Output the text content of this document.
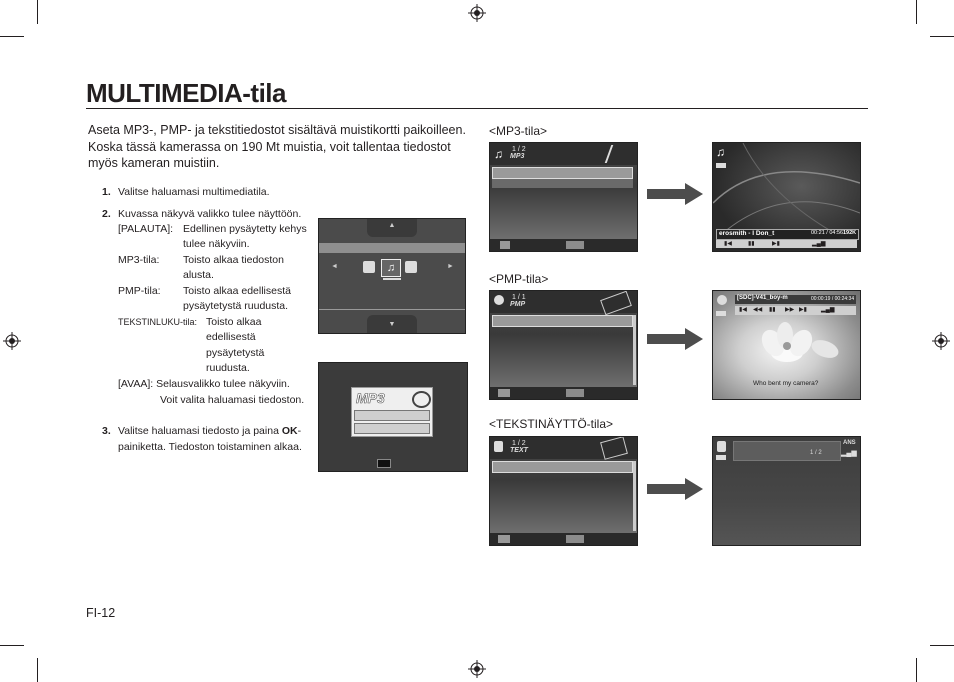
MULTIMEDIA-tila
Aseta MP3-, PMP- ja tekstitiedostot sisältävä muistikortti paikoilleen.
Koska tässä kamerassa on 190 Mt muistia, voit tallentaa tiedostot
myös kameran muistiin.
1. Valitse haluamasi multimediatila.
2. Kuvassa näkyvä valikko tulee näyttöön.
[PALAUTA]: Edellinen pysäytetty kehys
tulee näkyviin.
MP3-tila: Toisto alkaa tiedoston
alusta.
PMP-tila: Toisto alkaa edellisestä
pysäytetystä ruudusta.
TEKSTINLUKU-tila: Toisto alkaa
edellisestä
pysäytetystä
ruudusta.
[AVAA]: Selausvalikko tulee näkyviin.
Voit valita haluamasi tiedoston.
3. Valitse haluamasi tiedosto ja paina OK-
painiketta. Tiedoston toistaminen alkaa.
▲
◄	►
♫
▼
MP3
<MP3-tila>
<PMP-tila>
<TEKSTINÄYTTÖ-tila>
♫ 1 / 2
MP3	♫
erosmith - I Don_t	00:21 / 04:56 192K
▮◀	▮▮	▶▮	▂▄▆
1 / 1
PMP
[SDC]-V41_boy-m	00:00:19 / 00:24:34
▮◀ ◀◀ ▮▮ ▶▶ ▶▮ ▂▄▆
Who bent my camera?
1 / 2
TEXT	1 / 2
ANS
▂▄▆
FI-12
